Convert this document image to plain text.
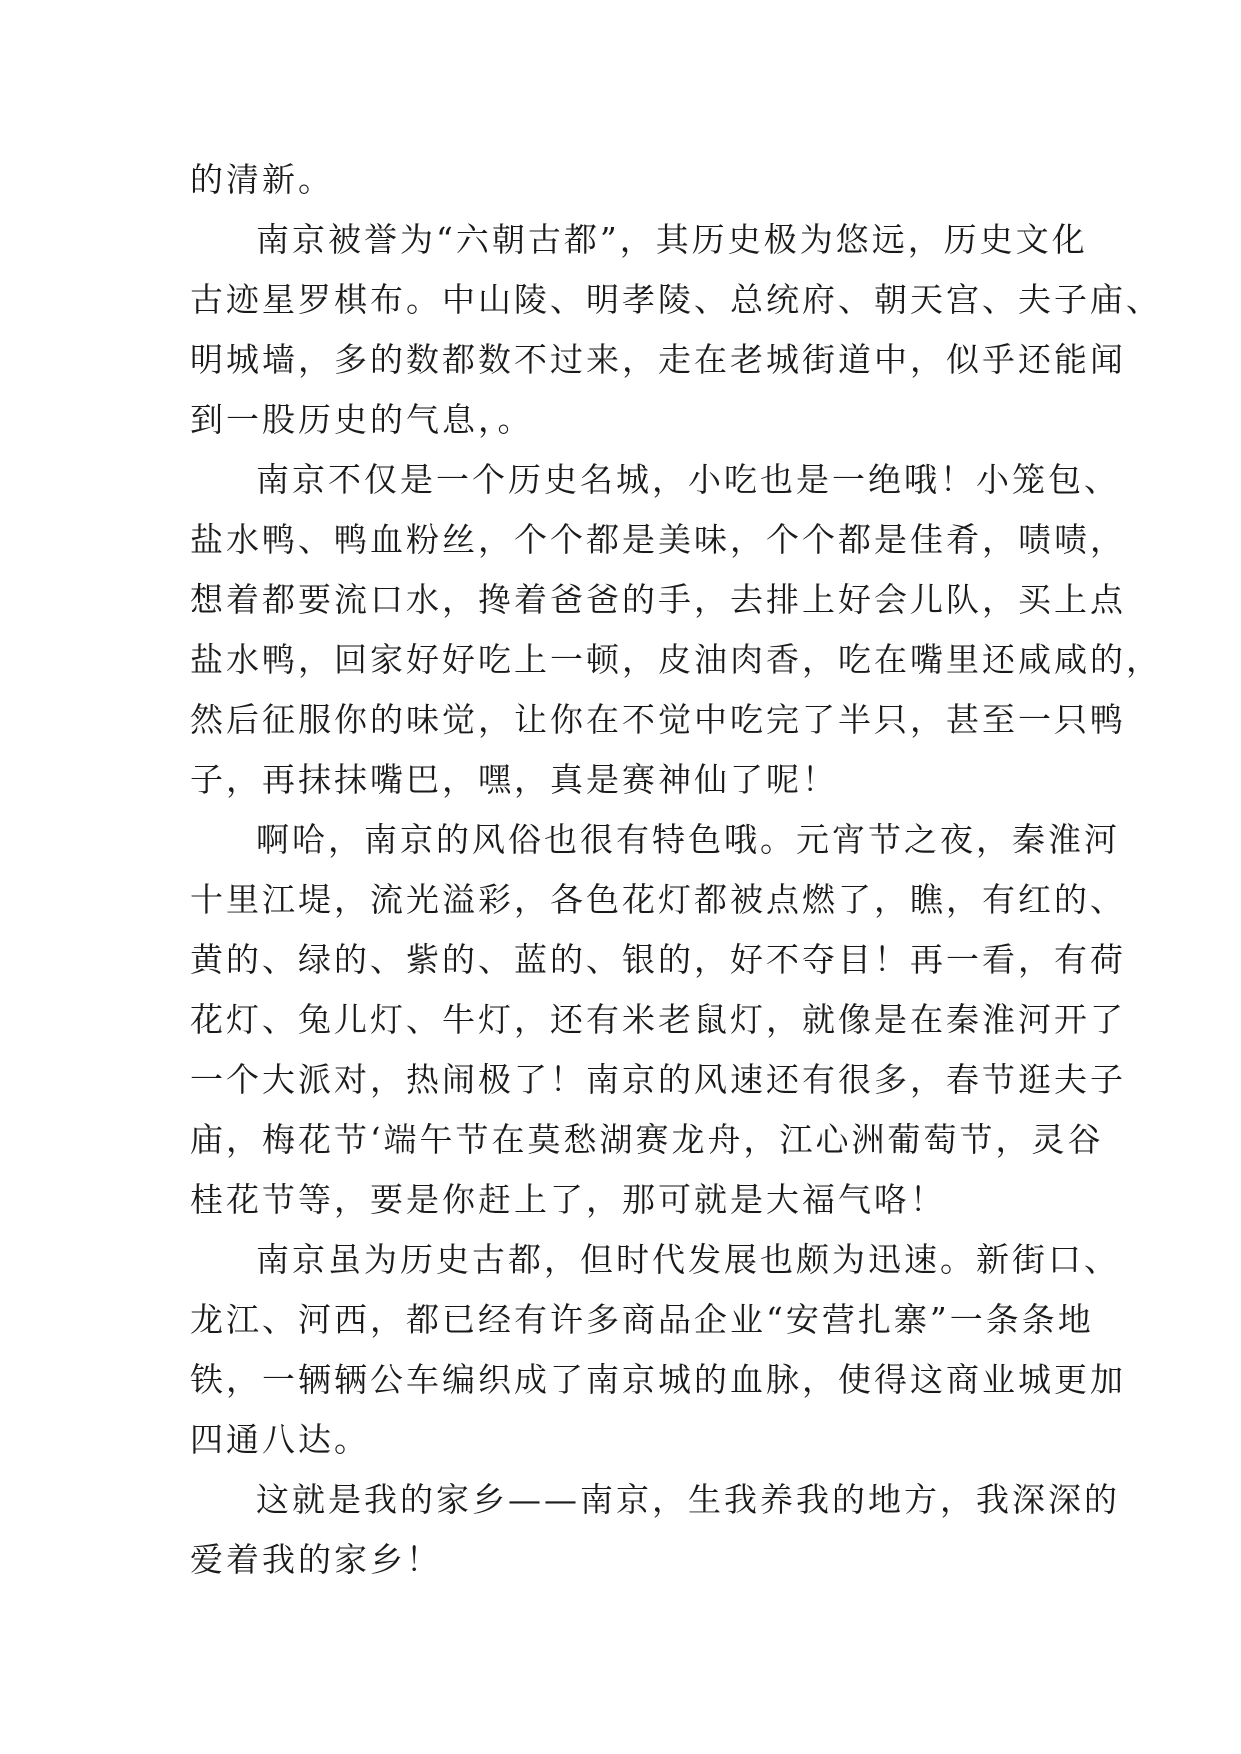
的清新。
南京被誉为“六朝古都”，其历史极为悠远，历史文化
古迹星罗棋布。中山陵、明孝陵、总统府、朝天宫、夫子庙、
明城墙，多的数都数不过来，走在老城街道中，似乎还能闻
到一股历史的气息，。
南京不仅是一个历史名城，小吃也是一绝哦！小笼包、
盐水鸭、鸭血粉丝，个个都是美味，个个都是佳肴，啧啧，
想着都要流口水，搀着爸爸的手，去排上好会儿队，买上点
盐水鸭，回家好好吃上一顿，皮油肉香，吃在嘴里还咸咸的，
然后征服你的味觉，让你在不觉中吃完了半只，甚至一只鸭
子，再抹抹嘴巴，嘿，真是赛神仙了呢！
啊哈，南京的风俗也很有特色哦。元宵节之夜，秦淮河
十里江堤，流光溢彩，各色花灯都被点燃了，瞧，有红的、
黄的、绿的、紫的、蓝的、银的，好不夺目！再一看，有荷
花灯、兔儿灯、牛灯，还有米老鼠灯，就像是在秦淮河开了
一个大派对，热闹极了！南京的风速还有很多，春节逛夫子
庙，梅花节‘端午节在莫愁湖赛龙舟，江心洲葡萄节，灵谷
桂花节等，要是你赶上了，那可就是大福气咯！
南京虽为历史古都，但时代发展也颇为迅速。新街口、
龙江、河西，都已经有许多商品企业“安营扎寨”一条条地
铁，一辆辆公车编织成了南京城的血脉，使得这商业城更加
四通八达。
这就是我的家乡——南京，生我养我的地方，我深深的
爱着我的家乡！
